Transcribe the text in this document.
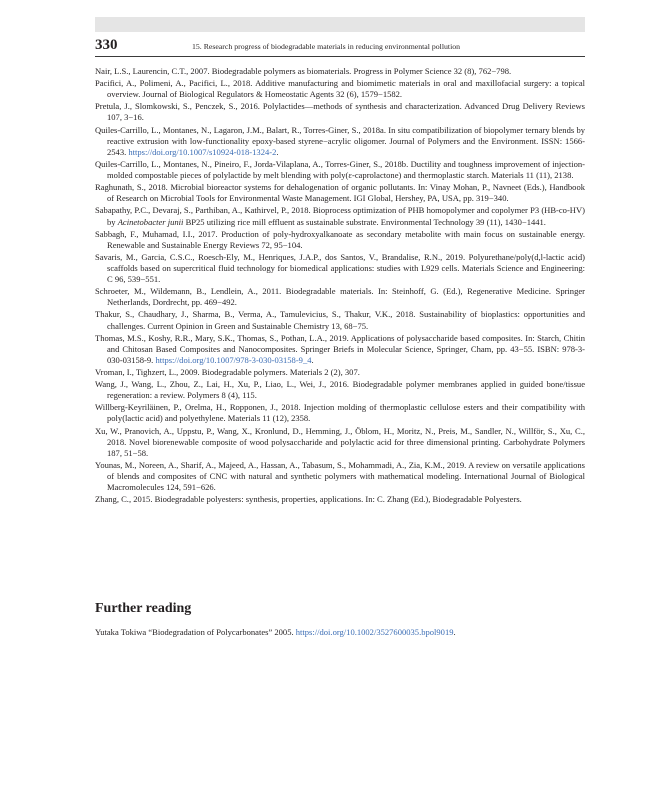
330	15. Research progress of biodegradable materials in reducing environmental pollution
Nair, L.S., Laurencin, C.T., 2007. Biodegradable polymers as biomaterials. Progress in Polymer Science 32 (8), 762−798.
Pacifici, A., Polimeni, A., Pacifici, L., 2018. Additive manufacturing and biomimetic materials in oral and maxillofacial surgery: a topical overview. Journal of Biological Regulators & Homeostatic Agents 32 (6), 1579−1582.
Pretula, J., Slomkowski, S., Penczek, S., 2016. Polylactides—methods of synthesis and characterization. Advanced Drug Delivery Reviews 107, 3−16.
Quiles-Carrillo, L., Montanes, N., Lagaron, J.M., Balart, R., Torres-Giner, S., 2018a. In situ compatibilization of biopolymer ternary blends by reactive extrusion with low-functionality epoxy-based styrene−acrylic oligomer. Journal of Polymers and the Environment. ISSN: 1566-2543. https://doi.org/10.1007/s10924-018-1324-2.
Quiles-Carrillo, L., Montanes, N., Pineiro, F., Jorda-Vilaplana, A., Torres-Giner, S., 2018b. Ductility and toughness improvement of injection-molded compostable pieces of polylactide by melt blending with poly(ε-caprolactone) and thermoplastic starch. Materials 11 (11), 2138.
Raghunath, S., 2018. Microbial bioreactor systems for dehalogenation of organic pollutants. In: Vinay Mohan, P., Navneet (Eds.), Handbook of Research on Microbial Tools for Environmental Waste Management. IGI Global, Hershey, PA, USA, pp. 319−340.
Sabapathy, P.C., Devaraj, S., Parthiban, A., Kathirvel, P., 2018. Bioprocess optimization of PHB homopolymer and copolymer P3 (HB-co-HV) by Acinetobacter junii BP25 utilizing rice mill effluent as sustainable substrate. Environmental Technology 39 (11), 1430−1441.
Sabbagh, F., Muhamad, I.I., 2017. Production of poly-hydroxyalkanoate as secondary metabolite with main focus on sustainable energy. Renewable and Sustainable Energy Reviews 72, 95−104.
Savaris, M., Garcia, C.S.C., Roesch-Ely, M., Henriques, J.A.P., dos Santos, V., Brandalise, R.N., 2019. Polyurethane/poly(d,l-lactic acid) scaffolds based on supercritical fluid technology for biomedical applications: studies with L929 cells. Materials Science and Engineering: C 96, 539−551.
Schroeter, M., Wildemann, B., Lendlein, A., 2011. Biodegradable materials. In: Steinhoff, G. (Ed.), Regenerative Medicine. Springer Netherlands, Dordrecht, pp. 469−492.
Thakur, S., Chaudhary, J., Sharma, B., Verma, A., Tamulevicius, S., Thakur, V.K., 2018. Sustainability of bioplastics: opportunities and challenges. Current Opinion in Green and Sustainable Chemistry 13, 68−75.
Thomas, M.S., Koshy, R.R., Mary, S.K., Thomas, S., Pothan, L.A., 2019. Applications of polysaccharide based composites. In: Starch, Chitin and Chitosan Based Composites and Nanocomposites. Springer Briefs in Molecular Science, Springer, Cham, pp. 43−55. ISBN: 978-3-030-03158-9. https://doi.org/10.1007/978-3-030-03158-9_4.
Vroman, I., Tighzert, L., 2009. Biodegradable polymers. Materials 2 (2), 307.
Wang, J., Wang, L., Zhou, Z., Lai, H., Xu, P., Liao, L., Wei, J., 2016. Biodegradable polymer membranes applied in guided bone/tissue regeneration: a review. Polymers 8 (4), 115.
Willberg-Keyriläinen, P., Orelma, H., Ropponen, J., 2018. Injection molding of thermoplastic cellulose esters and their compatibility with poly(lactic acid) and polyethylene. Materials 11 (12), 2358.
Xu, W., Pranovich, A., Uppstu, P., Wang, X., Kronlund, D., Hemming, J., Öblom, H., Moritz, N., Preis, M., Sandler, N., Willför, S., Xu, C., 2018. Novel biorenewable composite of wood polysaccharide and polylactic acid for three dimensional printing. Carbohydrate Polymers 187, 51−58.
Younas, M., Noreen, A., Sharif, A., Majeed, A., Hassan, A., Tabasum, S., Mohammadi, A., Zia, K.M., 2019. A review on versatile applications of blends and composites of CNC with natural and synthetic polymers with mathematical modeling. International Journal of Biological Macromolecules 124, 591−626.
Zhang, C., 2015. Biodegradable polyesters: synthesis, properties, applications. In: C. Zhang (Ed.), Biodegradable Polyesters.
Further reading
Yutaka Tokiwa “Biodegradation of Polycarbonates” 2005. https://doi.org/10.1002/3527600035.bpol9019.
